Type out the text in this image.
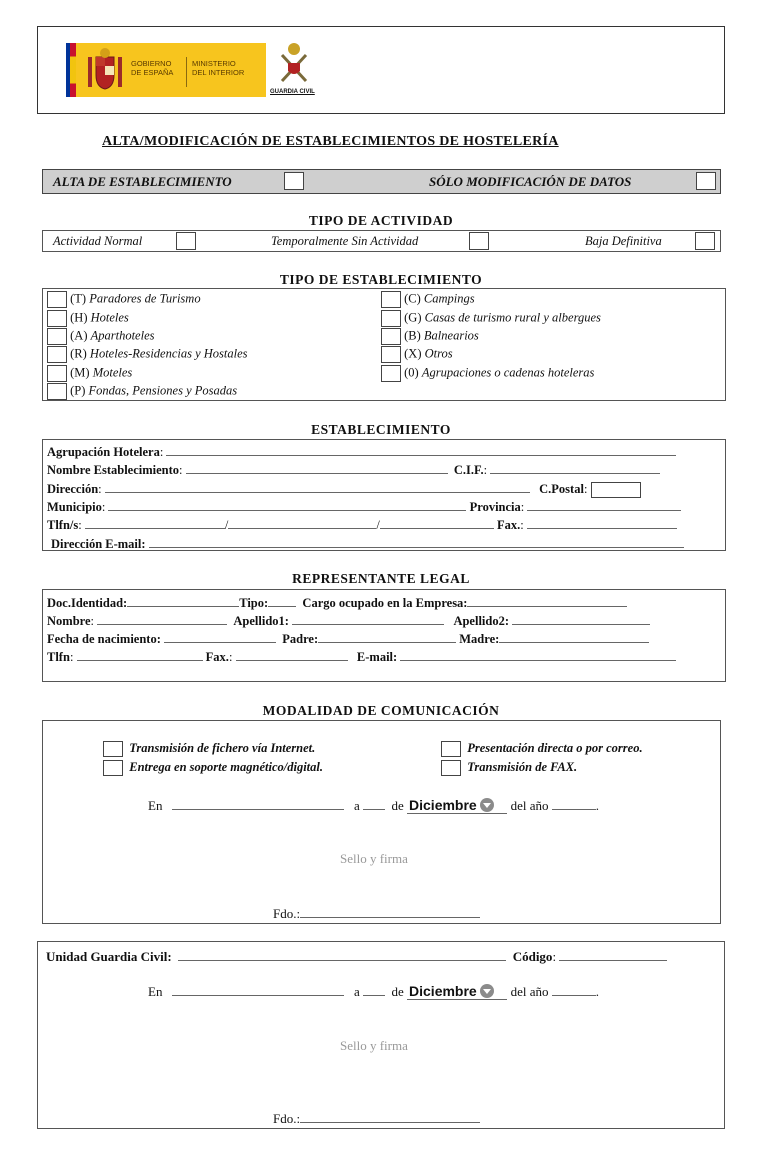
GOBIERNO
DE ESPAÑA
MINISTERIO
DEL INTERIOR
GUARDIA CIVIL
ALTA/MODIFICACIÓN DE ESTABLECIMIENTOS DE HOSTELERÍA
ALTA DE ESTABLECIMIENTO	SÓLO MODIFICACIÓN DE DATOS
TIPO DE ACTIVIDAD
Actividad Normal	Temporalmente Sin Actividad	Baja Definitiva
TIPO DE ESTABLECIMIENTO
(T) Paradores de Turismo
(H) Hoteles
(A) Aparthoteles
(R) Hoteles-Residencias y Hostales
(M) Moteles
(P) Fondas, Pensiones y Posadas
(C) Campings
(G) Casas de turismo rural y albergues
(B) Balnearios
(X) Otros
(0) Agrupaciones o cadenas hoteleras
ESTABLECIMIENTO
Agrupación Hotelera:
Nombre Establecimiento:	C.I.F.:
Dirección:	C.Postal:
Municipio:	Provincia:
Tlfn/s:	/	/	Fax.:
Dirección E-mail:
REPRESENTANTE LEGAL
Doc.Identidad:	Tipo:	Cargo ocupado en la Empresa:
Nombre:	Apellido1:	Apellido2:
Fecha de nacimiento:	Padre:	Madre:
Tlfn:	Fax.:	E-mail:
MODALIDAD DE COMUNICACIÓN
Transmisión de fichero vía Internet.
Entrega en soporte magnético/digital.
Presentación directa o por correo.
Transmisión de FAX.
En	a de Diciembre	del año	.
Sello y firma
Fdo.:
Unidad Guardia Civil:	Código:
En	a de Diciembre	del año	.
Sello y firma
Fdo.:
